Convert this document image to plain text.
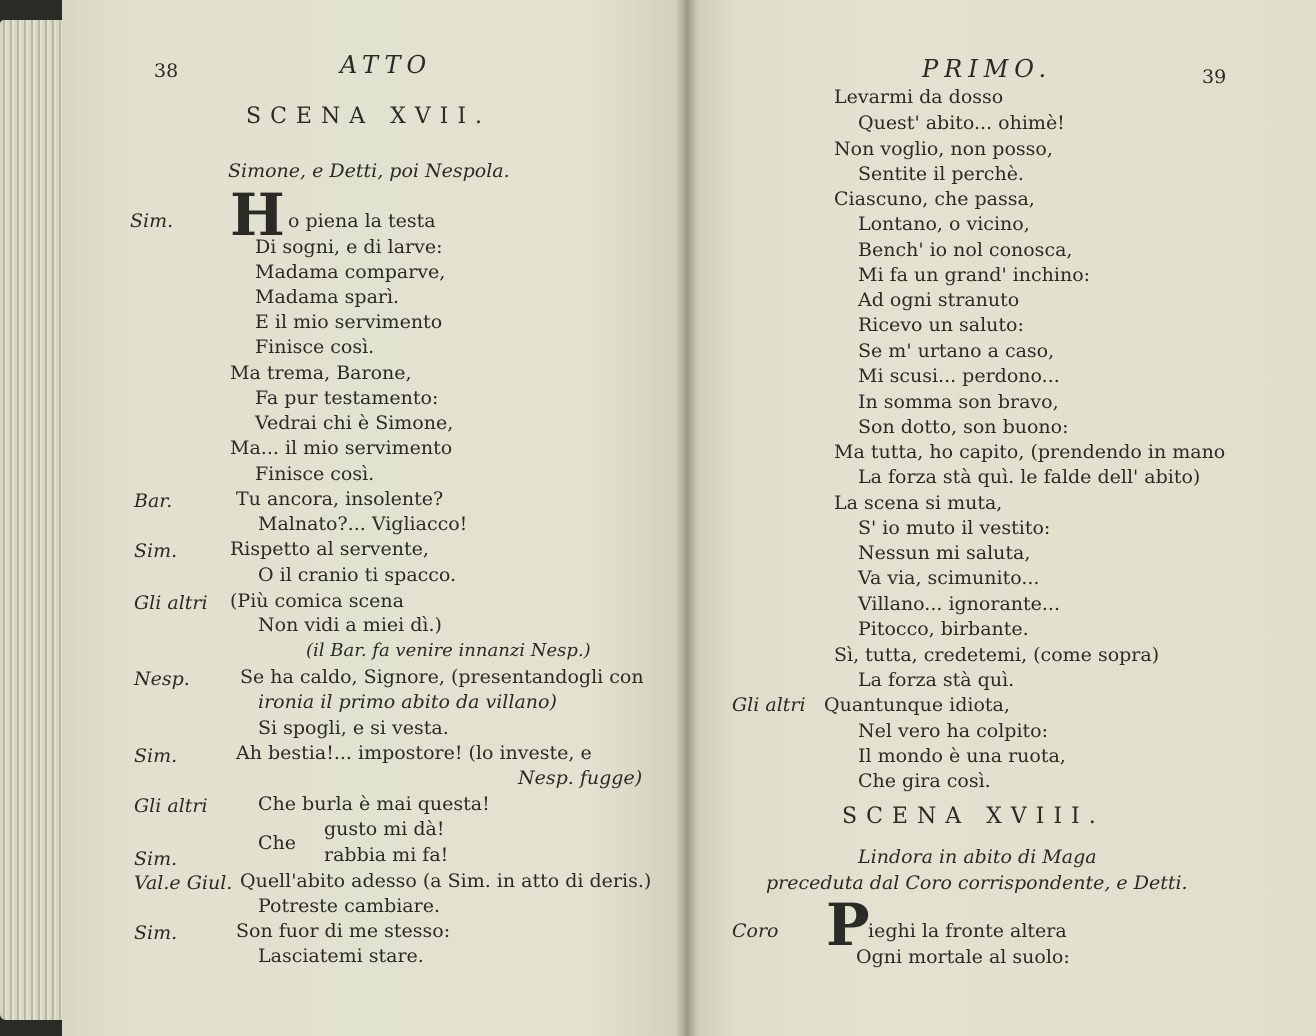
38	ATTO
SCENA XVII.
Simone, e Detti, poi Nespola.
H
Sim.
Bar.
Sim.
Gli altri
Nesp.
Sim.
Gli altri
Sim.
Val.e Giul.
Sim.
o piena la testa
Di sogni, e di larve:
Madama comparve,
Madama sparì.
E il mio servimento
Finisce così.
Ma trema, Barone,
Fa pur testamento:
Vedrai chi è Simone,
Ma... il mio servimento
Finisce così.
Tu ancora, insolente?
Malnato?... Vigliacco!
Rispetto al servente,
O il cranio ti spacco.
(Più comica scena
Non vidi a miei dì.)
(il Bar. fa venire innanzi Nesp.)
Se ha caldo, Signore, (presentandogli con
ironia il primo abito da villano)
Si spogli, e si vesta.
Ah bestia!... impostore! (lo investe, e
Nesp. fugge)
Che burla è mai questa!
Che
gusto mi dà!
rabbia mi fa!
Quell'abito adesso (a Sim. in atto di deris.)
Potreste cambiare.
Son fuor di me stesso:
Lasciatemi stare.
PRIMO.	39
Levarmi da dosso
Quest' abito... ohimè!
Non voglio, non posso,
Sentite il perchè.
Ciascuno, che passa,
Lontano, o vicino,
Bench' io nol conosca,
Mi fa un grand' inchino:
Ad ogni stranuto
Ricevo un saluto:
Se m' urtano a caso,
Mi scusi... perdono...
In somma son bravo,
Son dotto, son buono:
Ma tutta, ho capito, (prendendo in mano
La forza stà quì. le falde dell' abito)
La scena si muta,
S' io muto il vestito:
Nessun mi saluta,
Va via, scimunito...
Villano... ignorante...
Pitocco, birbante.
Sì, tutta, credetemi, (come sopra)
La forza stà quì.
Gli altri Quantunque idiota,
Nel vero ha colpito:
Il mondo è una ruota,
Che gira così.
SCENA XVIII.
Lindora in abito di Maga
preceduta dal Coro corrispondente, e Detti.
Coro P
ieghi la fronte altera
Ogni mortale al suolo:
